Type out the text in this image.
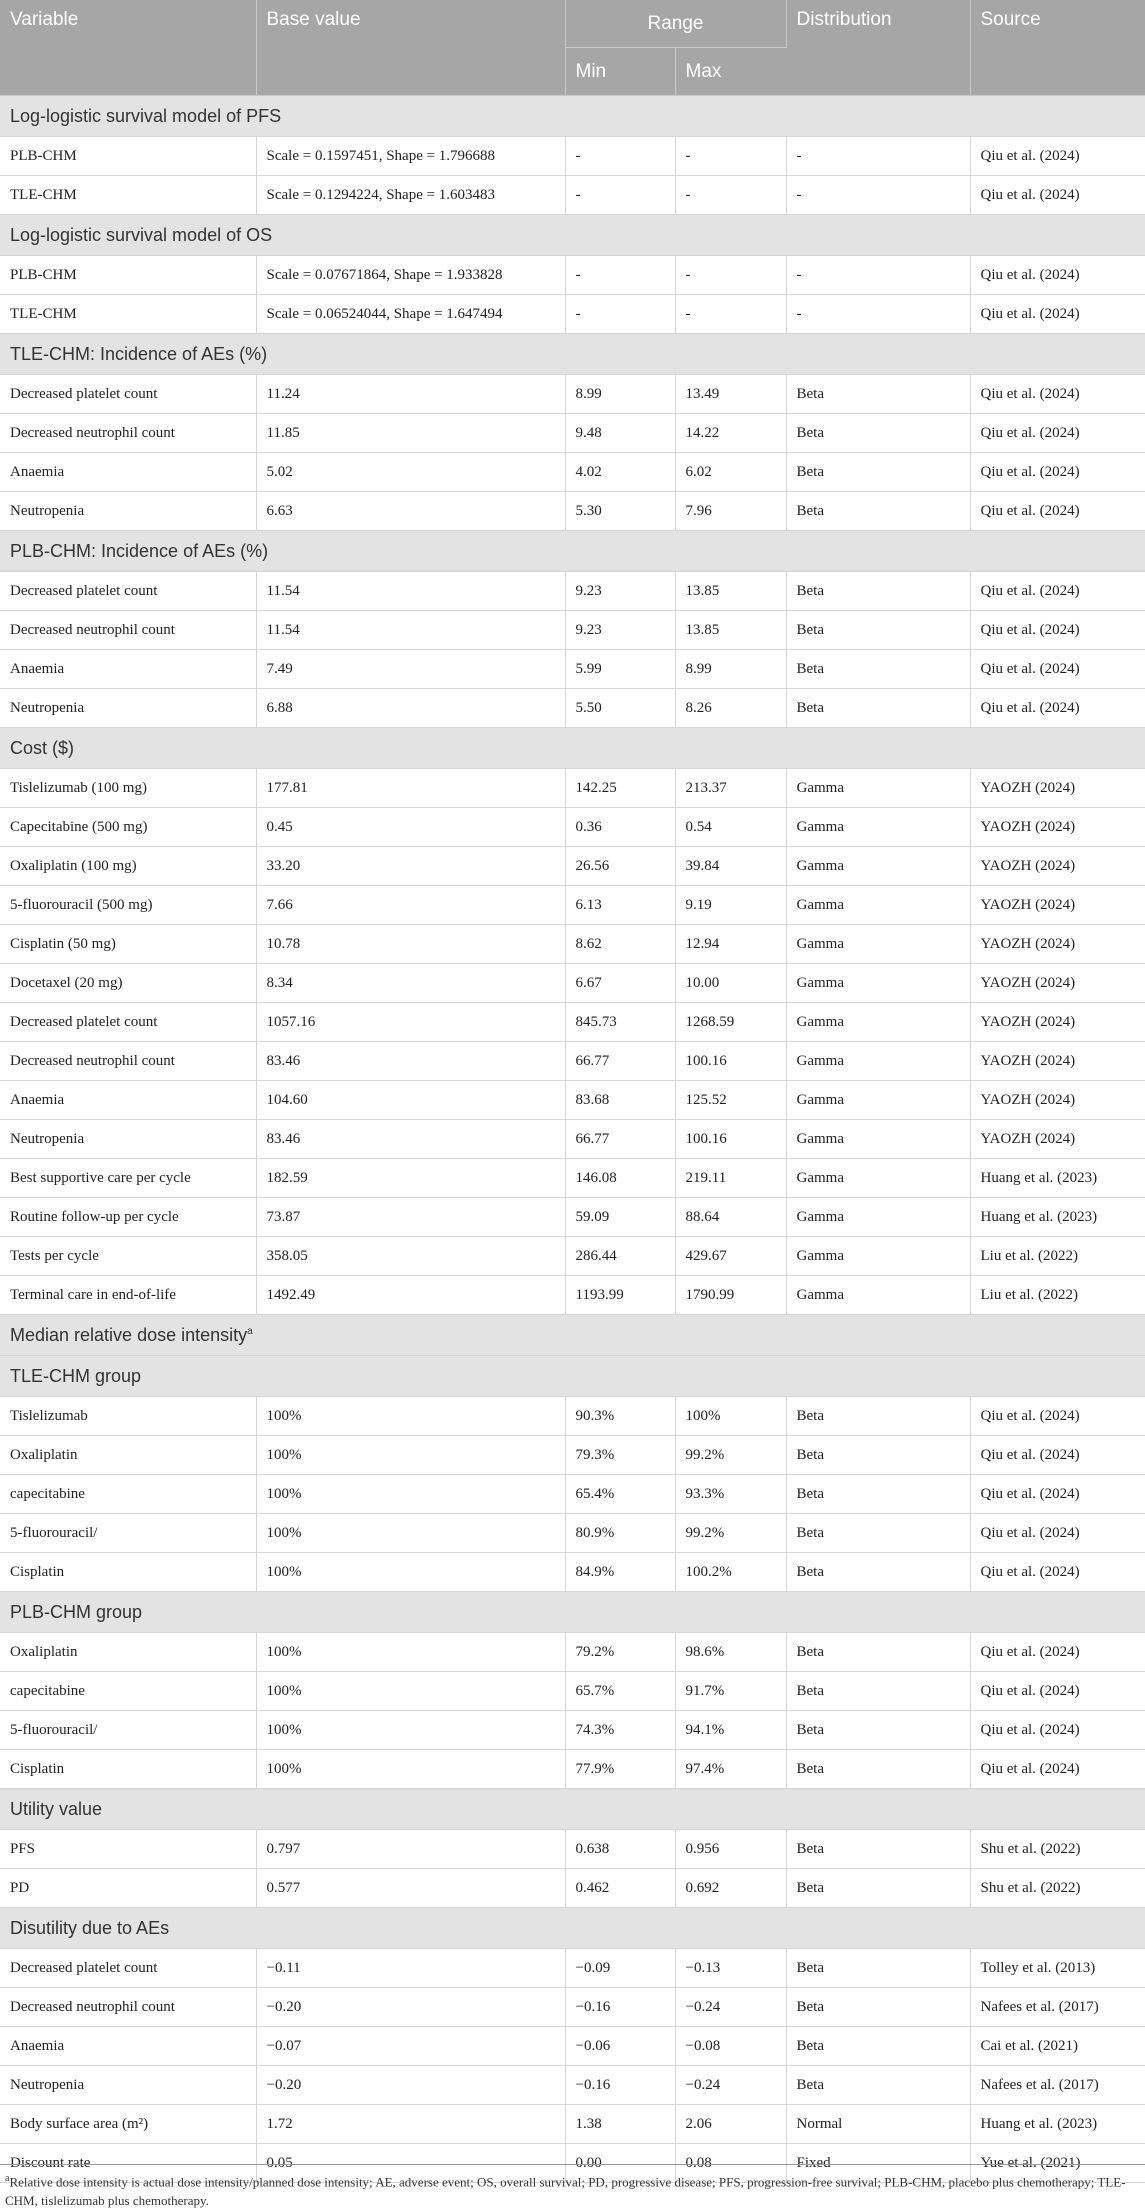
Variable	Base value	Range		Distribution	Source
		Min	Max		
Log-logistic survival model of PFS					
PLB-CHM	Scale = 0.1597451, Shape = 1.796688	-	-	-	Qiu et al. (2024)
TLE-CHM	Scale = 0.1294224, Shape = 1.603483	-	-	-	Qiu et al. (2024)
Log-logistic survival model of OS					
PLB-CHM	Scale = 0.07671864, Shape = 1.933828	-	-	-	Qiu et al. (2024)
TLE-CHM	Scale = 0.06524044, Shape = 1.647494	-	-	-	Qiu et al. (2024)
TLE-CHM: Incidence of AEs (%)					
Decreased platelet count	11.24	8.99	13.49	Beta	Qiu et al. (2024)
Decreased neutrophil count	11.85	9.48	14.22	Beta	Qiu et al. (2024)
Anaemia	5.02	4.02	6.02	Beta	Qiu et al. (2024)
Neutropenia	6.63	5.30	7.96	Beta	Qiu et al. (2024)
PLB-CHM: Incidence of AEs (%)					
Decreased platelet count	11.54	9.23	13.85	Beta	Qiu et al. (2024)
Decreased neutrophil count	11.54	9.23	13.85	Beta	Qiu et al. (2024)
Anaemia	7.49	5.99	8.99	Beta	Qiu et al. (2024)
Neutropenia	6.88	5.50	8.26	Beta	Qiu et al. (2024)
Cost ($)					
Tislelizumab (100 mg)	177.81	142.25	213.37	Gamma	YAOZH (2024)
Capecitabine (500 mg)	0.45	0.36	0.54	Gamma	YAOZH (2024)
Oxaliplatin (100 mg)	33.20	26.56	39.84	Gamma	YAOZH (2024)
5-fluorouracil (500 mg)	7.66	6.13	9.19	Gamma	YAOZH (2024)
Cisplatin (50 mg)	10.78	8.62	12.94	Gamma	YAOZH (2024)
Docetaxel (20 mg)	8.34	6.67	10.00	Gamma	YAOZH (2024)
Decreased platelet count	1057.16	845.73	1268.59	Gamma	YAOZH (2024)
Decreased neutrophil count	83.46	66.77	100.16	Gamma	YAOZH (2024)
Anaemia	104.60	83.68	125.52	Gamma	YAOZH (2024)
Neutropenia	83.46	66.77	100.16	Gamma	YAOZH (2024)
Best supportive care per cycle	182.59	146.08	219.11	Gamma	Huang et al. (2023)
Routine follow-up per cycle	73.87	59.09	88.64	Gamma	Huang et al. (2023)
Tests per cycle	358.05	286.44	429.67	Gamma	Liu et al. (2022)
Terminal care in end-of-life	1492.49	1193.99	1790.99	Gamma	Liu et al. (2022)
Median relative dose intensity$^a$
TLE-CHM group					
Tislelizumab	100%	90.3%	100%	Beta	Qiu et al. (2024)
Oxaliplatin	100%	79.3%	99.2%	Beta	Qiu et al. (2024)
capecitabine	100%	65.4%	93.3%	Beta	Qiu et al. (2024)
5-fluorouracil/	100%	80.9%	99.2%	Beta	Qiu et al. (2024)
Cisplatin	100%	84.9%	100.2%	Beta	Qiu et al. (2024)
PLB-CHM group					
Oxaliplatin	100%	79.2%	98.6%	Beta	Qiu et al. (2024)
capecitabine	100%	65.7%	91.7%	Beta	Qiu et al. (2024)
5-fluorouracil/	100%	74.3%	94.1%	Beta	Qiu et al. (2024)
Cisplatin	100%	77.9%	97.4%	Beta	Qiu et al. (2024)
Utility value					
PFS	0.797	0.638	0.956	Beta	Shu et al. (2022)
PD	0.577	0.462	0.692	Beta	Shu et al. (2022)
Disutility due to AEs					
Decreased platelet count	−0.11	−0.09	−0.13	Beta	Tolley et al. (2013)
Decreased neutrophil count	−0.20	−0.16	−0.24	Beta	Nafees et al. (2017)
Anaemia	−0.07	−0.06	−0.08	Beta	Cai et al. (2021)
Neutropenia	−0.20	−0.16	−0.24	Beta	Nafees et al. (2017)
Body surface area (m²)	1.72	1.38	2.06	Normal	Huang et al. (2023)
Discount rate	0.05	0.00	0.08	Fixed	Yue et al. (2021)
$^a$Relative dose intensity is actual dose intensity/planned dose intensity; AE, adverse event; OS, overall survival; PD, progressive disease; PFS, progression-free survival; PLB-CHM, placebo plus chemotherapy; TLE-CHM, tislelizumab plus chemotherapy.
